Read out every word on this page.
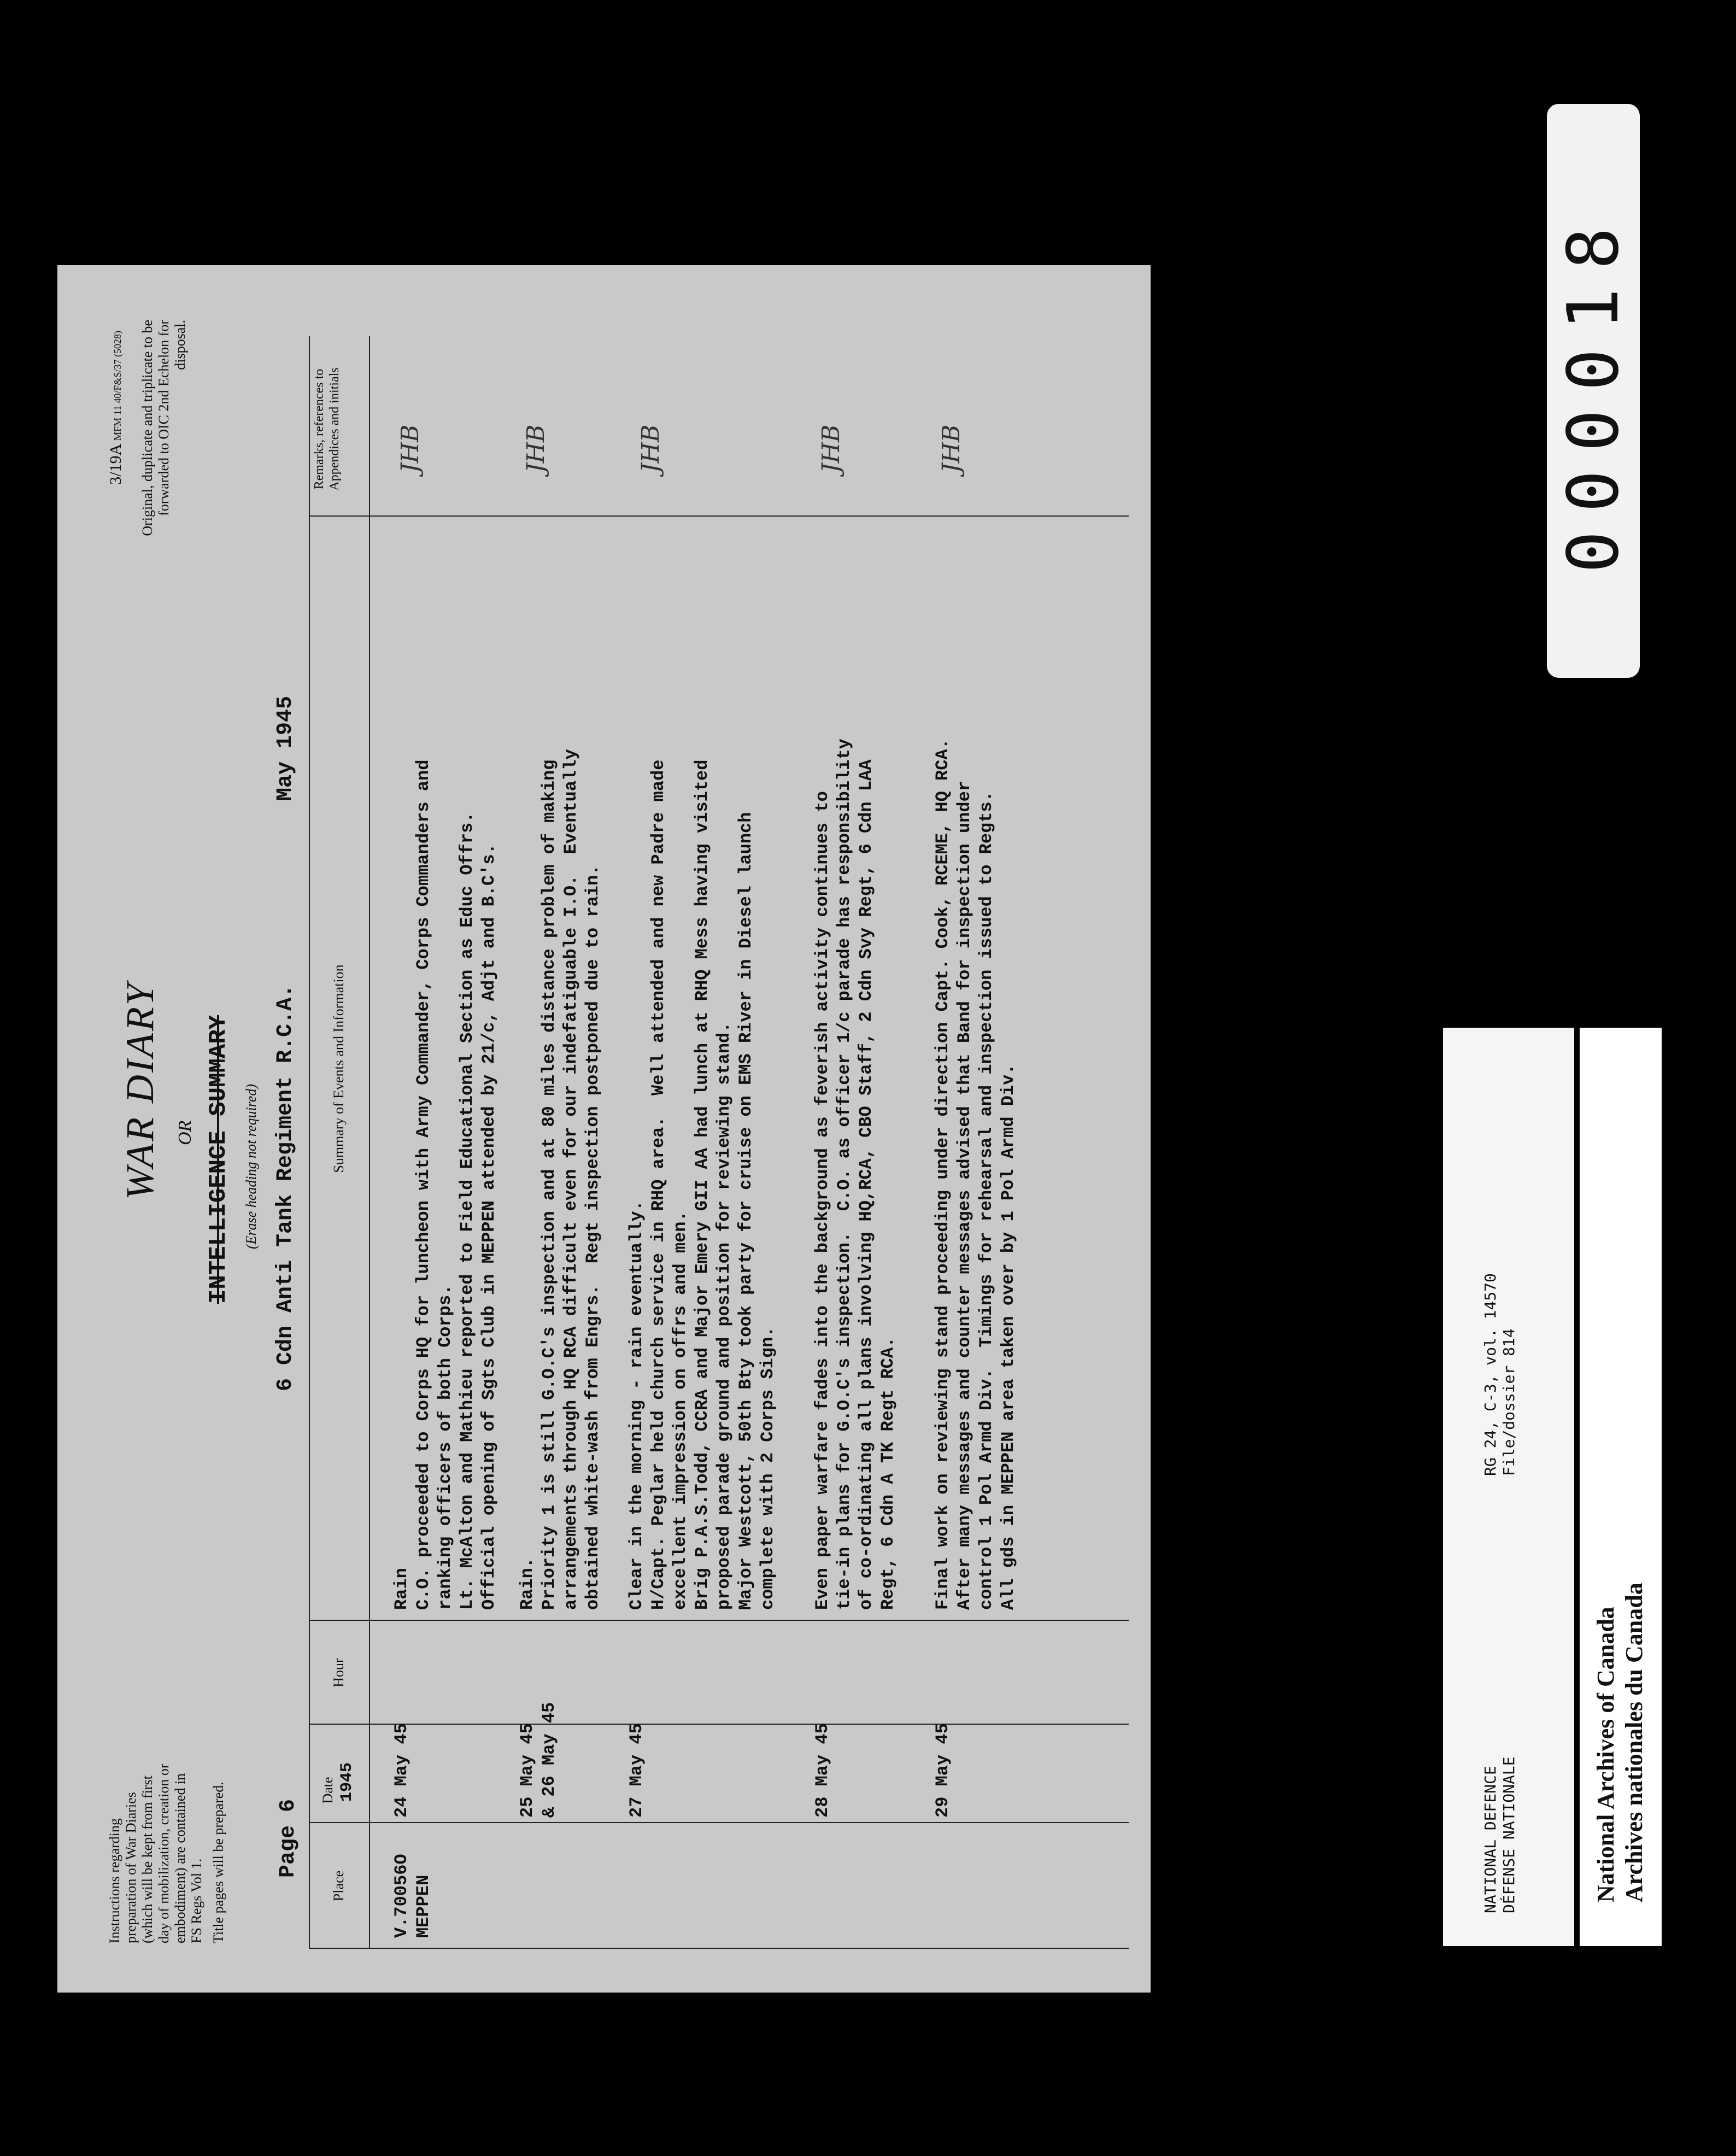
Instructions regarding preparation of War Diaries (which will be kept from first day of mobilization, creation or embodiment) are contained in FS Regs Vol 1. Title pages will be prepared.
3/19A MFM 11 40/F&S/37 (5028) Original, duplicate and triplicate to be forwarded to OIC 2nd Echelon for disposal.
WAR DIARY OR INTELLIGENCE SUMMARY (Erase heading not required)
Page 6
6 Cdn Anti Tank Regiment R.C.A.
May 1945
Place
Date 1945
Hour
Summary of Events and Information
Remarks, references to Appendices and initials
V.70056O
MEPPEN
24 May 45
Rain
C.O. proceeded to Corps HQ for luncheon with Army Commander, Corps Commanders and
ranking officers of both Corps.
Lt. McAlton and Mathieu reported to Field Educational Section as Educ Offrs.
Official opening of Sgts Club in MEPPEN attended by 21/c, Adjt and B.C's.
JHB
25 May 45
& 26 May 45
Rain.
Priority 1 is still G.O.C's inspection and at 80 miles distance problem of making
arrangements through HQ RCA difficult even for our indefatiguable I.O.  Eventually
obtained white-wash from Engrs.  Regt inspection postponed due to rain.
JHB
27 May 45
Clear in the morning - rain eventually.
H/Capt. Peglar held church service in RHQ area.  Well attended and new Padre made
excellent impression on offrs and men.
Brig P.A.S.Todd, CCRA and Major Emery GII AA had lunch at RHQ Mess having visited
proposed parade ground and position for reviewing stand.
Major Westcott, 50th Bty took party for cruise on EMS River in Diesel launch
complete with 2 Corps Sign.
JHB
28 May 45
Even paper warfare fades into the background as feverish activity continues to
tie-in plans for G.O.C's inspection.  C.O. as officer 1/c parade has responsibility
of co-ordinating all plans involving HQ,RCA, CBO Staff, 2 Cdn Svy Regt, 6 Cdn LAA
Regt, 6 Cdn A TK Regt RCA.
JHB
29 May 45
Final work on reviewing stand proceeding under direction Capt. Cook, RCEME, HQ RCA.
After many messages and counter messages advised that Band for inspection under
control 1 Pol Armd Div.  Timings for rehearsal and inspection issued to Regts.
All gds in MEPPEN area taken over by 1 Pol Armd Div.
JHB	000018
NATIONAL DEFENCE DÉFENSE NATIONALE
RG 24, C-3, vol. 14570 File/dossier 814
National Archives of Canada Archives nationales du Canada
